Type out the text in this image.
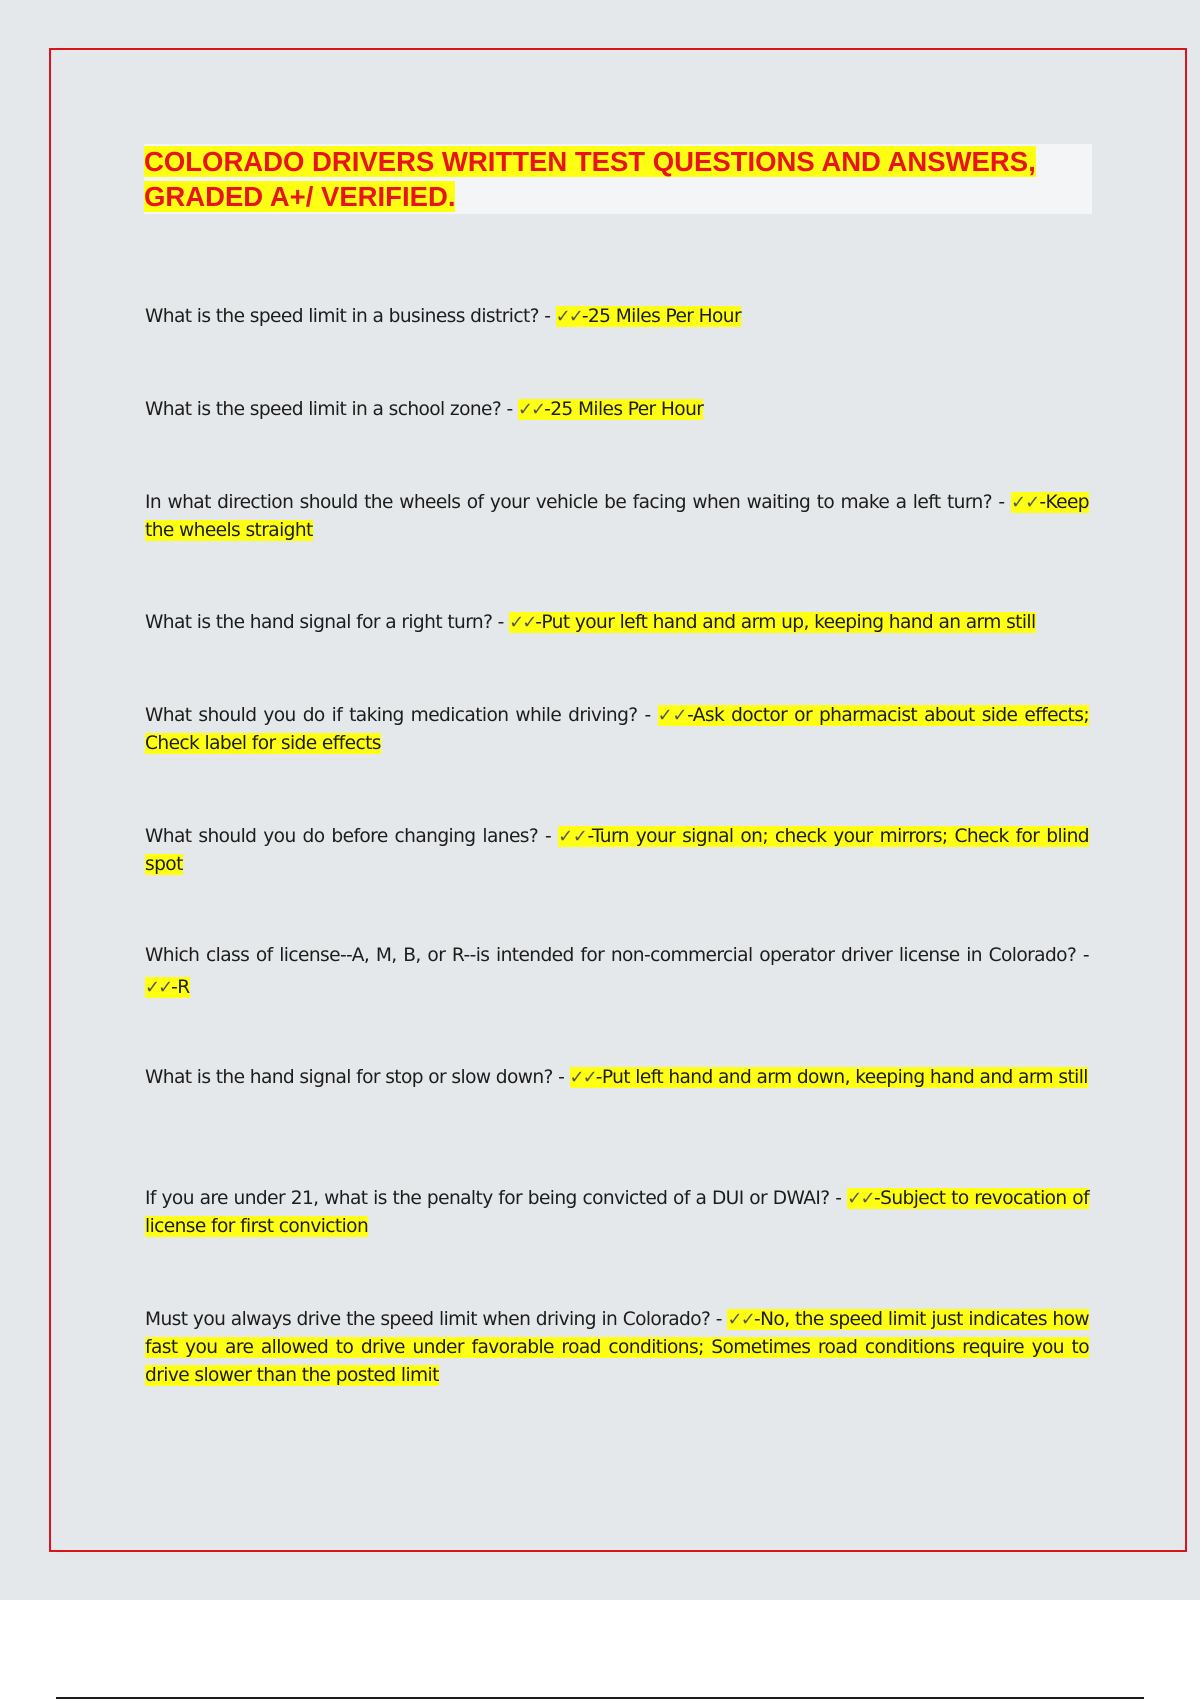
COLORADO DRIVERS WRITTEN TEST QUESTIONS AND ANSWERS,
GRADED A+/ VERIFIED.

What is the speed limit in a business district? - ✓✓-25 Miles Per Hour

What is the speed limit in a school zone? - ✓✓-25 Miles Per Hour

In what direction should the wheels of your vehicle be facing when waiting to make a left turn? - ✓✓-Keep the wheels straight

What is the hand signal for a right turn? - ✓✓-Put your left hand and arm up, keeping hand an arm still

What should you do if taking medication while driving? - ✓✓-Ask doctor or pharmacist about side effects; Check label for side effects

What should you do before changing lanes? - ✓✓-Turn your signal on; check your mirrors; Check for blind spot

Which class of license--A, M, B, or R--is intended for non-commercial operator driver license in Colorado? - ✓✓-R

What is the hand signal for stop or slow down? - ✓✓-Put left hand and arm down, keeping hand and arm still

If you are under 21, what is the penalty for being convicted of a DUI or DWAI? - ✓✓-Subject to revocation of license for first conviction

Must you always drive the speed limit when driving in Colorado? - ✓✓-No, the speed limit just indicates how fast you are allowed to drive under favorable road conditions; Sometimes road conditions require you to drive slower than the posted limit
